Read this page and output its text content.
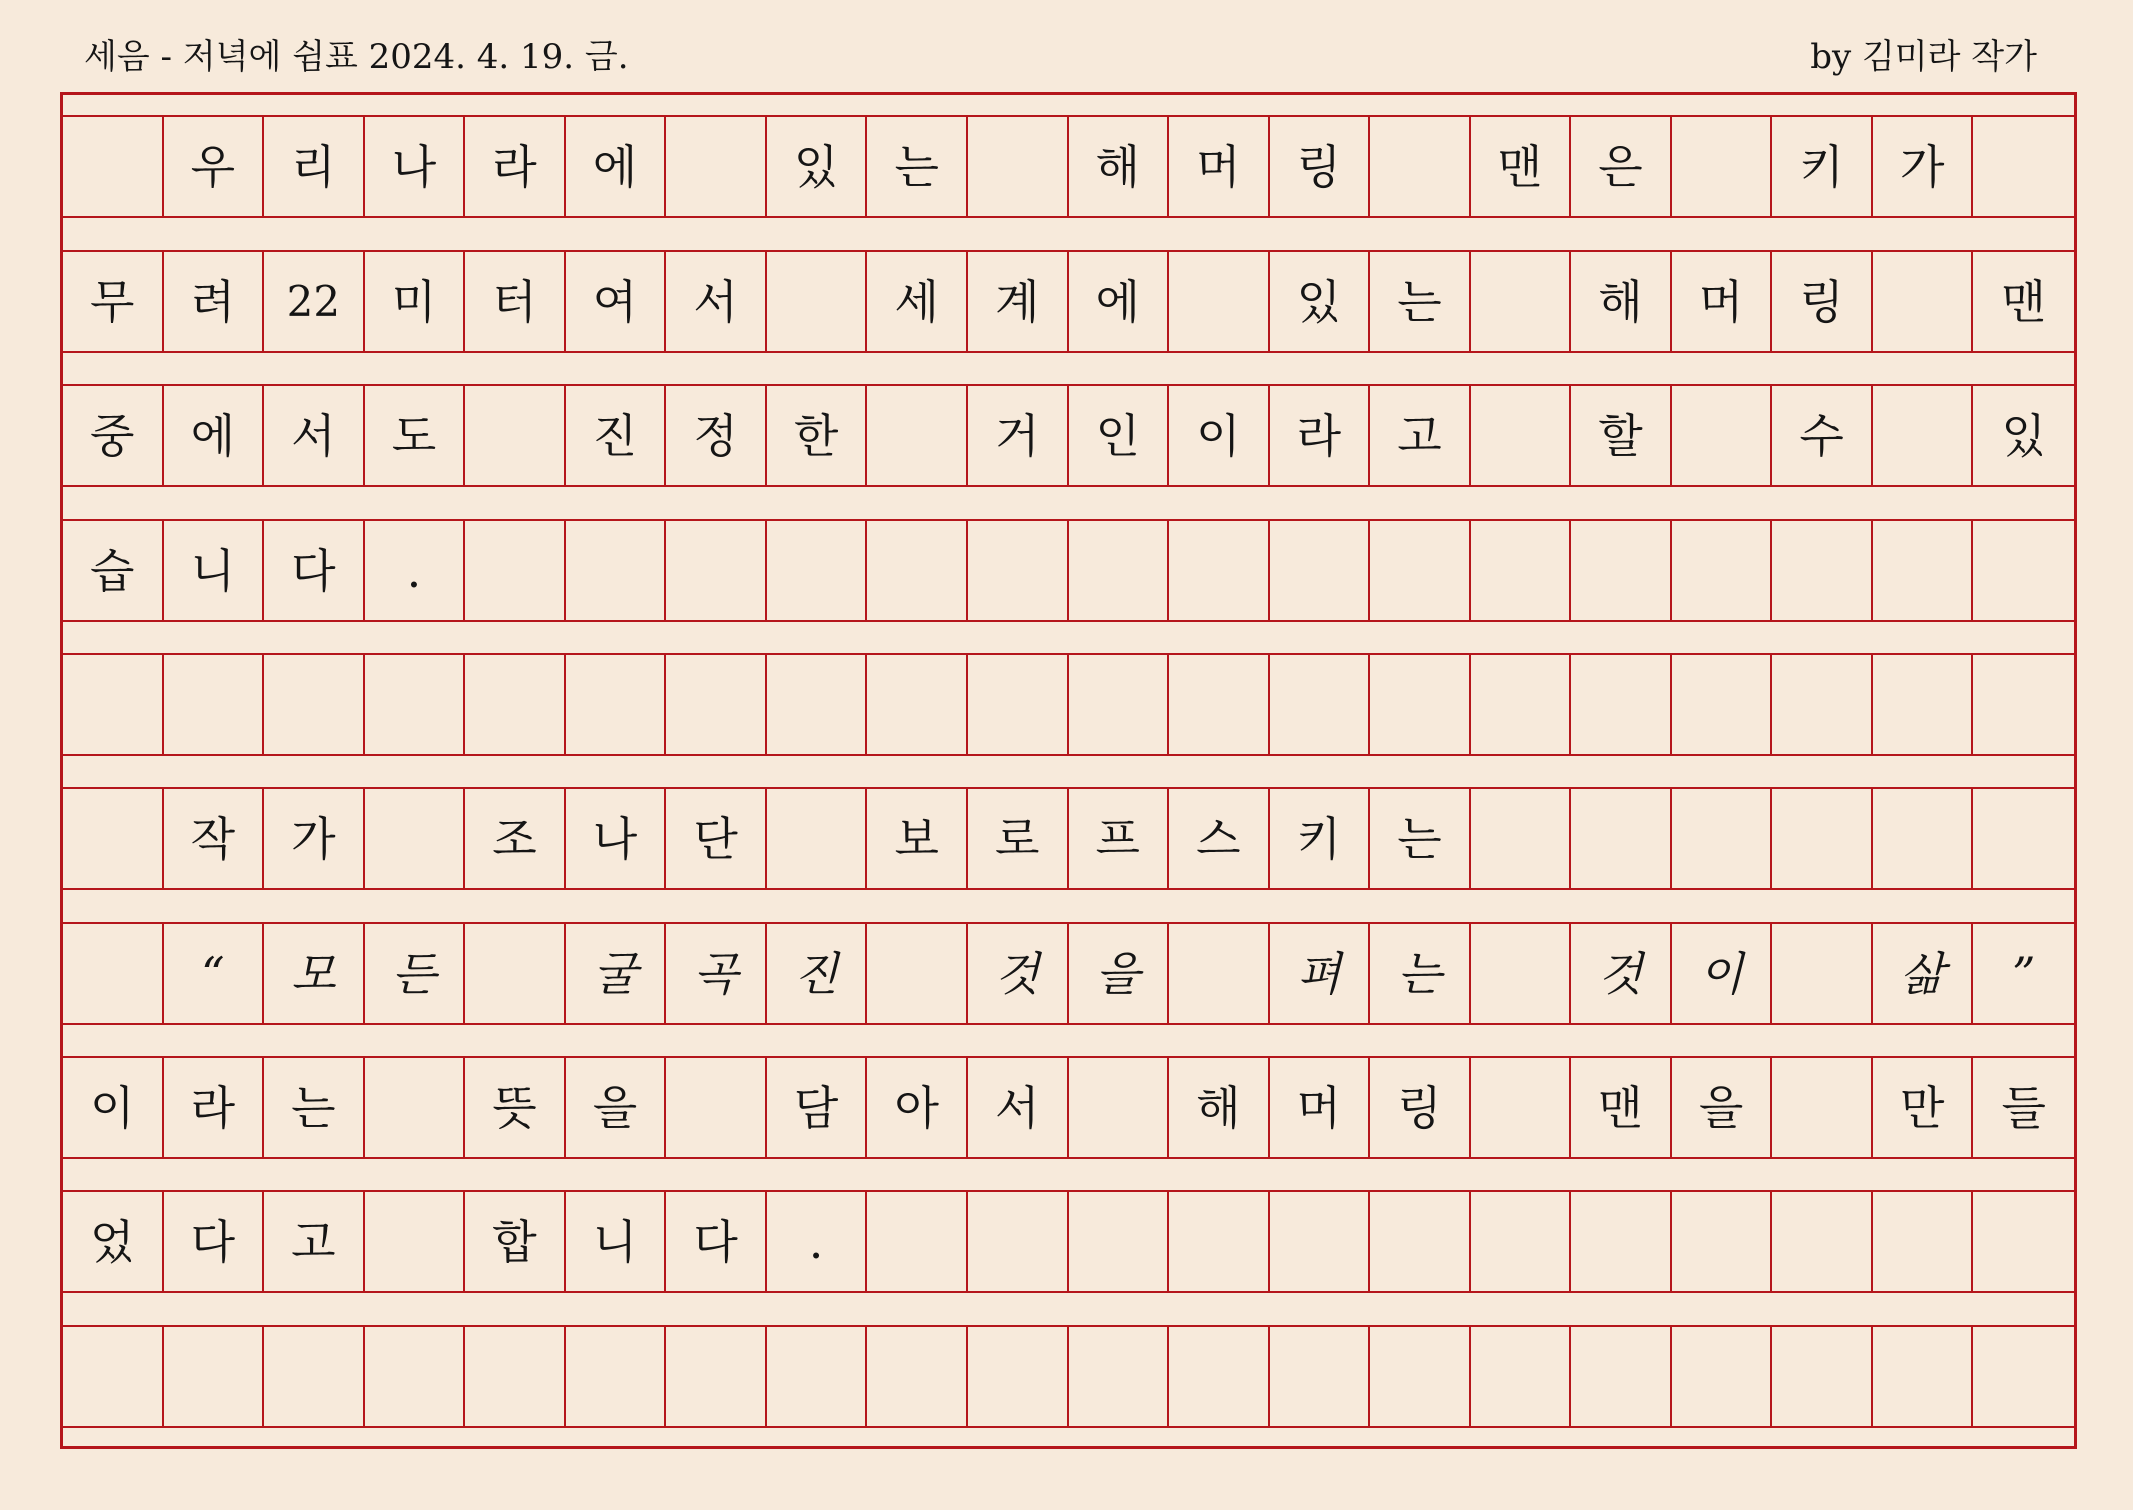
세음 - 저녁에 쉼표 2024. 4. 19. 금.	by 김미라 작가
우	리	나	라	에	있	는	해	머	링	맨	은	키	가
무	려	22	미	터	여	서	세	계	에	있	는	해	머	링	맨
중	에	서	도	진	정	한	거	인	이	라	고	할	수	있
습	니	다	.
작	가	조	나	단	보	로	프	스	키	는
“	모	든	굴	곡	진	것	을	펴	는	것	이	삶	”
이	라	는	뜻	을	담	아	서	해	머	링	맨	을	만	들
었	다	고	합	니	다	.
